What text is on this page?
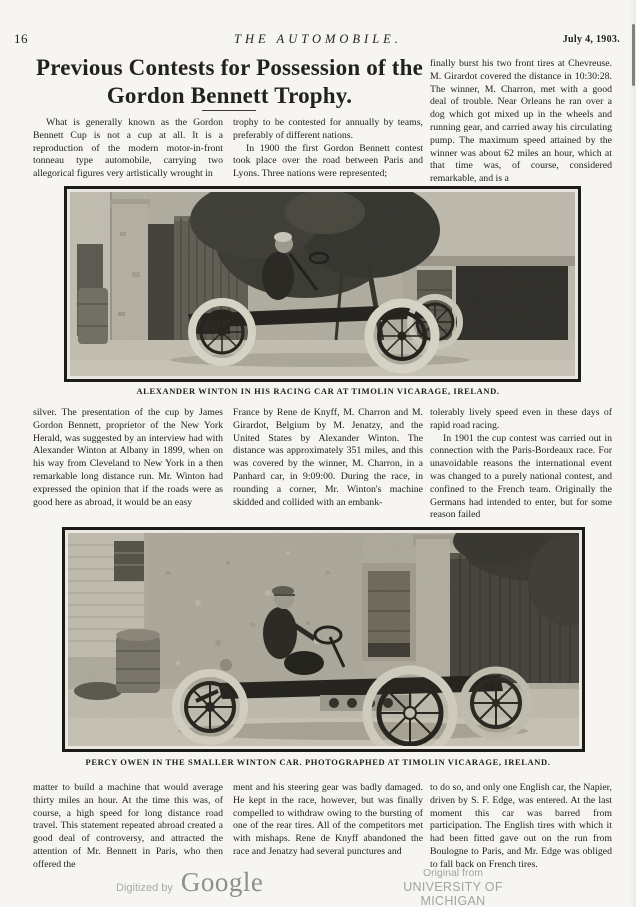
16	THE AUTOMOBILE.	July 4, 1903.
Previous Contests for Possession of the
Gordon Bennett Trophy.

What is generally known as the Gordon Bennett Cup is not a cup at all. It is a reproduction of the modern motor-in-front tonneau type automobile, carrying two allegorical figures very artistically wrought in

trophy to be contested for annually by teams, preferably of different nations.

In 1900 the first Gordon Bennett contest took place over the road between Paris and Lyons. Three nations were represented;

finally burst his two front tires at Chevreuse. M. Girardot covered the distance in 10:30:28. The winner, M. Charron, met with a good deal of trouble. Near Orleans he ran over a dog which got mixed up in the wheels and running gear, and carried away his circulating pump. The maximum speed attained by the winner was about 62 miles an hour, which at that time was, of course, considered remarkable, and is a

silver. The presentation of the cup by James Gordon Bennett, proprietor of the New York Herald, was suggested by an interview had with Alexander Winton at Albany in 1899, when on his way from Cleveland to New York in a then remarkable long distance run. Mr. Winton had expressed the opinion that if the roads were as good here as abroad, it would be an easy

France by Rene de Knyff, M. Charron and M. Girardot, Belgium by M. Jenatzy, and the United States by Alexander Winton. The distance was approximately 351 miles, and this was covered by the winner, M. Charron, in a Panhard car, in 9:09:00. During the race, in rounding a corner, Mr. Winton's machine skidded and collided with an embank-

tolerably lively speed even in these days of rapid road racing.

In 1901 the cup contest was carried out in connection with the Paris-Bordeaux race. For unavoidable reasons the international event was changed to a purely national contest, and confined to the French team. Originally the Germans had intended to enter, but for some reason failed

matter to build a machine that would average thirty miles an hour. At the time this was, of course, a high speed for long distance road travel. This statement repeated abroad created a good deal of controversy, and attracted the attention of Mr. Bennett in Paris, who then offered the

ment and his steering gear was badly damaged. He kept in the race, however, but was finally compelled to withdraw owing to the bursting of one of the rear tires. All of the competitors met with mishaps. Rene de Knyff abandoned the race and Jenatzy had several punctures and

to do so, and only one English car, the Napier, driven by S. F. Edge, was entered. At the last moment this car was barred from participation. The English tires with which it had been fitted gave out on the run from Boulogne to Paris, and Mr. Edge was obliged to fall back on French tires.

ALEXANDER WINTON IN HIS RACING CAR AT TIMOLIN VICARAGE, IRELAND.

PERCY OWEN IN THE SMALLER WINTON CAR. PHOTOGRAPHED AT TIMOLIN VICARAGE, IRELAND.

Digitized by Google	Original from
UNIVERSITY OF MICHIGAN
